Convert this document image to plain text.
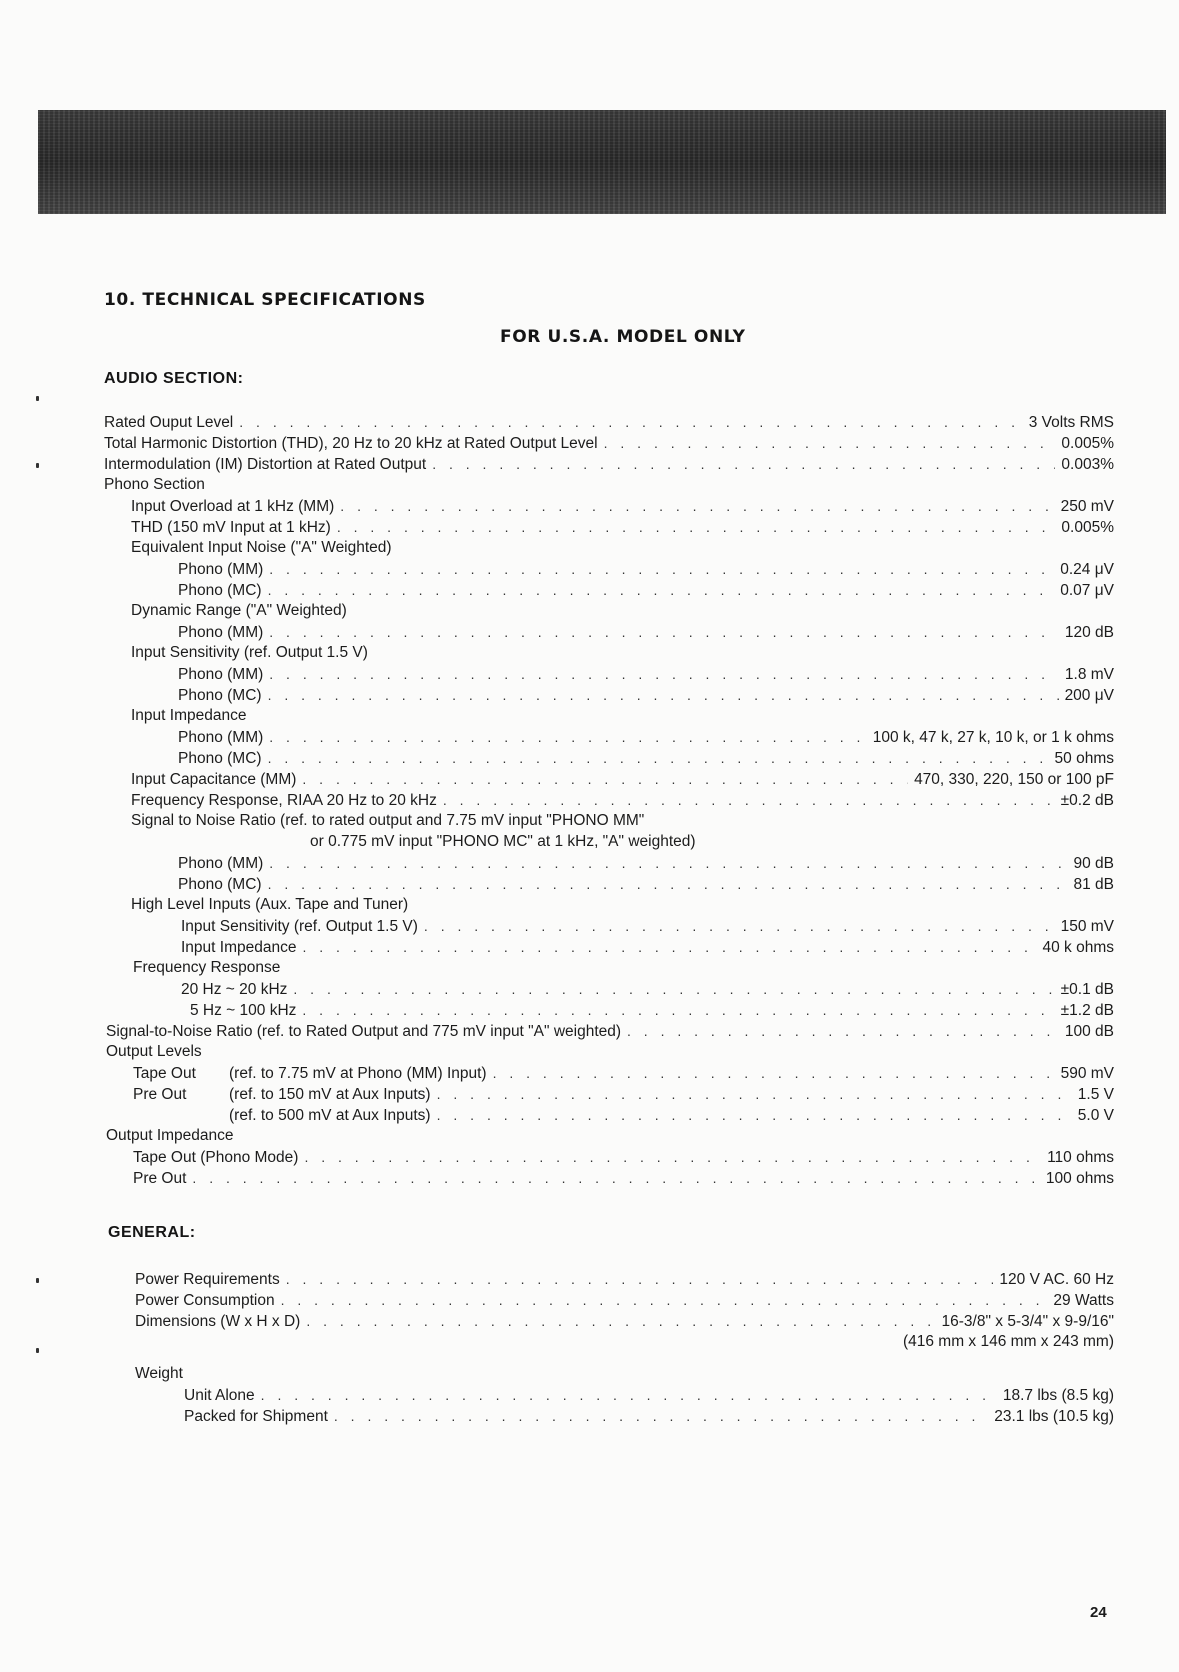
10. TECHNICAL SPECIFICATIONS
FOR U.S.A. MODEL ONLY
AUDIO SECTION:
Rated Ouput Level . . .	3 Volts RMS
Total Harmonic Distortion (THD), 20 Hz to 20 kHz at Rated Output Level . . .	0.005%
Intermodulation (IM) Distortion at Rated Output . . .	0.003%
Phono Section
Input Overload at 1 kHz (MM) . . .	250 mV
THD (150 mV Input at 1 kHz) . . .	0.005%
Equivalent Input Noise ("A" Weighted)
Phono (MM) . . .	0.24 μV
Phono (MC) . . .	0.07 μV
Dynamic Range ("A" Weighted)
Phono (MM) . . .	120 dB
Input Sensitivity (ref. Output 1.5 V)
Phono (MM) . . .	1.8 mV
Phono (MC) . . .	200 μV
Input Impedance
Phono (MM) . . .	100 k, 47 k, 27 k, 10 k, or 1 k ohms
Phono (MC) . . .	50 ohms
Input Capacitance (MM) . . .	470, 330, 220, 150 or 100 pF
Frequency Response, RIAA 20 Hz to 20 kHz . . .	±0.2 dB
Signal to Noise Ratio (ref. to rated output and 7.75 mV input "PHONO MM"
or 0.775 mV input "PHONO MC" at 1 kHz, "A" weighted)
Phono (MM) . . .	90 dB
Phono (MC) . . .	81 dB
High Level Inputs (Aux. Tape and Tuner)
Input Sensitivity (ref. Output 1.5 V) . . .	150 mV
Input Impedance . . .	40 k ohms
Frequency Response
20 Hz ~ 20 kHz . . .	±0.1 dB
5 Hz ~ 100 kHz . . .	±1.2 dB
Signal-to-Noise Ratio (ref. to Rated Output and 775 mV input "A" weighted) . . .	100 dB
Output Levels
Tape Out	(ref. to 7.75 mV at Phono (MM) Input) . . .	590 mV
Pre Out	(ref. to 150 mV at Aux Inputs) . . .	1.5 V
(ref. to 500 mV at Aux Inputs) . . .	5.0 V
Output Impedance
Tape Out (Phono Mode) . . .	110 ohms
Pre Out . . .	100 ohms
GENERAL:
Power Requirements . . .	120 V AC. 60 Hz
Power Consumption . . .	29 Watts
Dimensions (W x H x D) . . .	16-3/8" x 5-3/4" x 9-9/16"
(416 mm x 146 mm x 243 mm)
Weight
Unit Alone . . .	18.7 lbs (8.5 kg)
Packed for Shipment . . .	23.1 lbs (10.5 kg)
24
